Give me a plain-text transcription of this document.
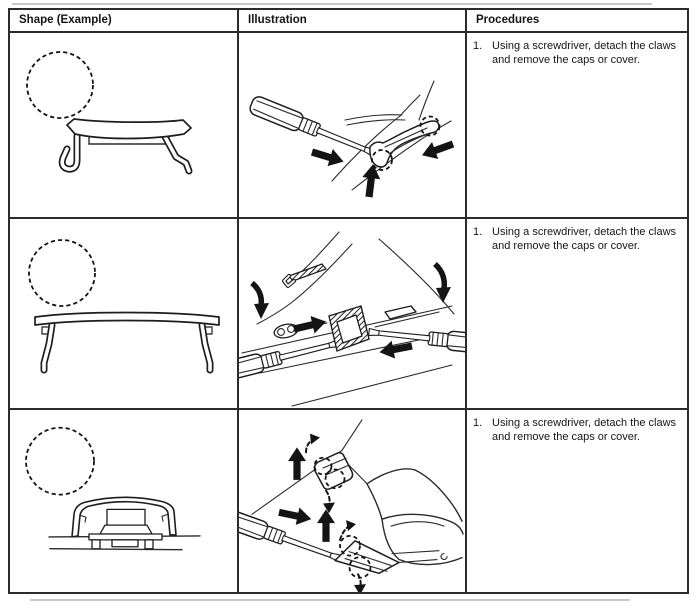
Shape (Example)	Illustration	Procedures
1. Using a screwdriver, detach the claws and remove the caps or cover.
1. Using a screwdriver, detach the claws and remove the caps or cover.
1. Using a screwdriver, detach the claws and remove the caps or cover.
